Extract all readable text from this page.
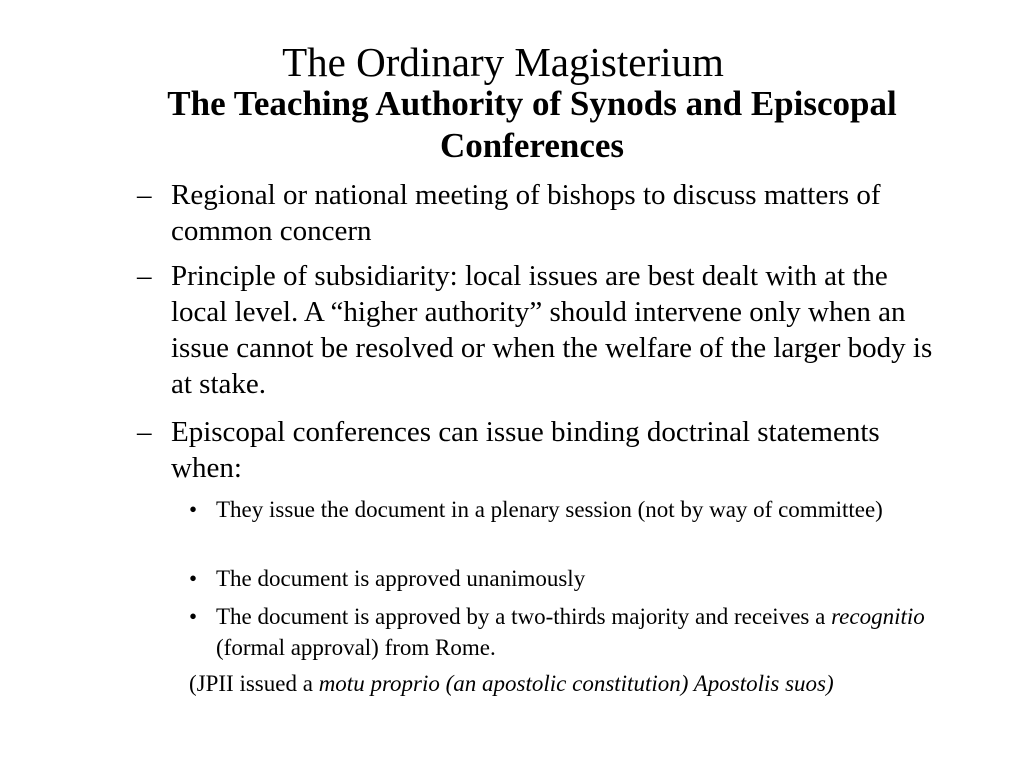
The Ordinary Magisterium
The Teaching Authority of Synods and Episcopal Conferences
– Regional or national meeting of bishops to discuss matters of common concern
– Principle of subsidiarity: local issues are best dealt with at the local level. A “higher authority” should intervene only when an issue cannot be resolved or when the welfare of the larger body is at stake.
– Episcopal conferences can issue binding doctrinal statements when:
• They issue the document in a plenary session (not by way of committee)
• The document is approved unanimously
• The document is approved by a two-thirds majority and receives a recognitio (formal approval) from Rome.
(JPII issued a motu proprio (an apostolic constitution) Apostolis suos)
